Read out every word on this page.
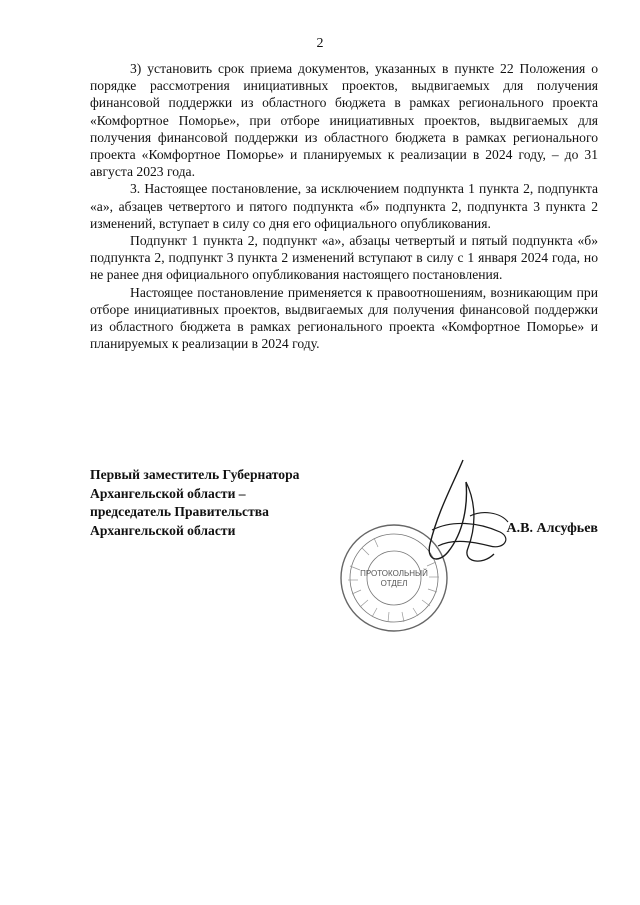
2

3) установить срок приема документов, указанных в пункте 22 Положения о порядке рассмотрения инициативных проектов, выдвигаемых для получения финансовой поддержки из областного бюджета в рамках регионального проекта «Комфортное Поморье», при отборе инициативных проектов, выдвигаемых для получения финансовой поддержки из областного бюджета в рамках регионального проекта «Комфортное Поморье» и планируемых к реализации в 2024 году, – до 31 августа 2023 года.

3. Настоящее постановление, за исключением подпункта 1 пункта 2, подпункта «а», абзацев четвертого и пятого подпункта «б» подпункта 2, подпункта 3 пункта 2 изменений, вступает в силу со дня его официального опубликования.

Подпункт 1 пункта 2, подпункт «а», абзацы четвертый и пятый подпункта «б» подпункта 2, подпункт 3 пункта 2 изменений вступают в силу с 1 января 2024 года, но не ранее дня официального опубликования настоящего постановления.

Настоящее постановление применяется к правоотношениям, возникающим при отборе инициативных проектов, выдвигаемых для получения финансовой поддержки из областного бюджета в рамках регионального проекта «Комфортное Поморье» и планируемых к реализации в 2024 году.

Первый заместитель Губернатора
Архангельской области –
председатель Правительства
Архангельской области
ПРОТОКОЛЬНЫЙ
ОТДЕЛ
А.В. Алсуфьев
